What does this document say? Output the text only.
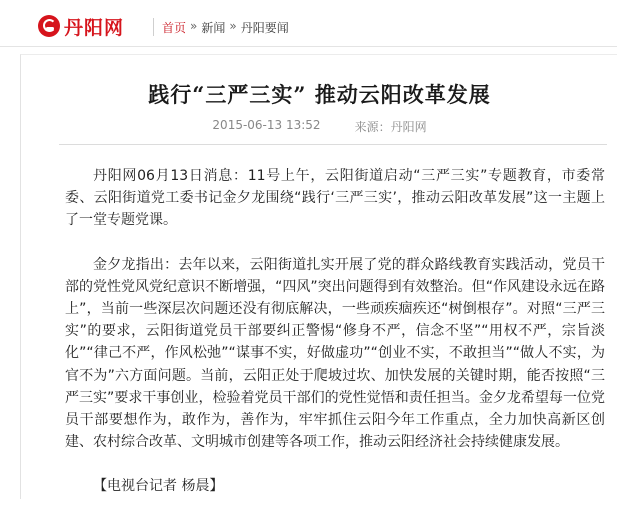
丹阳网	首页 » 新闻 » 丹阳要闻
践行“三严三实” 推动云阳改革发展
2015-06-13 13:52	来源：丹阳网

丹阳网06月13日消息：11号上午，云阳街道启动“三严三实”专题教育，市委常委、云阳街道党工委书记金夕龙围绕“践行‘三严三实’，推动云阳改革发展”这一主题上了一堂专题党课。

金夕龙指出：去年以来，云阳街道扎实开展了党的群众路线教育实践活动，党员干部的党性党风党纪意识不断增强，“四风”突出问题得到有效整治。但“作风建设永远在路上”，当前一些深层次问题还没有彻底解决，一些顽疾痼疾还“树倒根存”。对照“三严三实”的要求，云阳街道党员干部要纠正警惕“修身不严，信念不坚”“用权不严，宗旨淡化”“律己不严，作风松弛”“谋事不实，好做虚功”“创业不实，不敢担当”“做人不实，为官不为”六方面问题。当前，云阳正处于爬坡过坎、加快发展的关键时期，能否按照“三严三实”要求干事创业，检验着党员干部们的党性觉悟和责任担当。金夕龙希望每一位党员干部要想作为，敢作为，善作为，牢牢抓住云阳今年工作重点，全力加快高新区创建、农村综合改革、文明城市创建等各项工作，推动云阳经济社会持续健康发展。

【电视台记者 杨晨】
